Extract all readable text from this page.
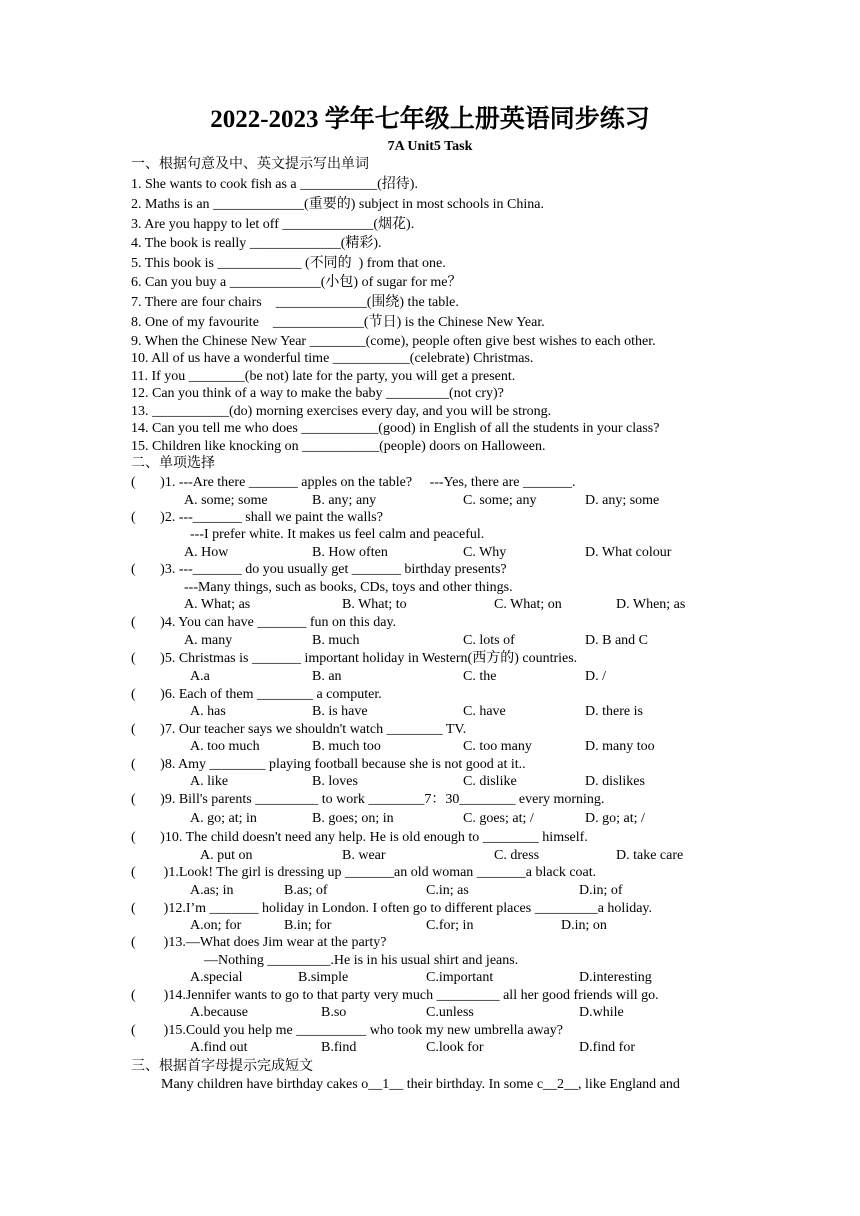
2022-2023 学年七年级上册英语同步练习
7A Unit5 Task
一、根据句意及中、英文提示写出单词
1. She wants to cook fish as a ___________(招待).
2. Maths is an _____________(重要的) subject in most schools in China.
3. Are you happy to let off _____________(烟花).
4. The book is really _____________(精彩).
5. This book is ____________ (不同的  ) from that one.
6. Can you buy a _____________(小包) of sugar for me？
7. There are four chairs    _____________(围绕) the table.
8. One of my favourite    _____________(节日) is the Chinese New Year.
9. When the Chinese New Year ________(come), people often give best wishes to each other.
10. All of us have a wonderful time ___________(celebrate) Christmas.
11. If you ________(be not) late for the party, you will get a present.
12. Can you think of a way to make the baby _________(not cry)?
13. ___________(do) morning exercises every day, and you will be strong.
14. Can you tell me who does ___________(good) in English of all the students in your class?
15. Children like knocking on ___________(people) doors on Halloween.
二、单项选择
(       )1. ---Are there _______ apples on the table?     ---Yes, there are _______.
A. some; some	B. any; any	C. some; any	D. any; some
(       )2. ---_______ shall we paint the walls?
---I prefer white. It makes us feel calm and peaceful.
A. How	B. How often	C. Why	D. What colour
(       )3. ---_______ do you usually get _______ birthday presents?
---Many things, such as books, CDs, toys and other things.
A. What; as	B. What; to	C. What; on	D. When; as
(       )4. You can have _______ fun on this day.
A. many	B. much	C. lots of	D. B and C
(       )5. Christmas is _______ important holiday in Western(西方的) countries.
A.a	B. an	C. the	D. /
(       )6. Each of them ________ a computer.
A. has	B. is have	C. have	D. there is
(       )7. Our teacher says we shouldn't watch ________ TV.
A. too much	B. much too	C. too many	D. many too
(       )8. Amy ________ playing football because she is not good at it..
A. like	B. loves	C. dislike	D. dislikes
(       )9. Bill's parents _________ to work ________7：30________ every morning.
A. go; at; in	B. goes; on; in	C. goes; at; /	D. go; at; /
(       )10. The child doesn't need any help. He is old enough to ________ himself.
A. put on	B. wear	C. dress	D. take care
(        )1.Look! The girl is dressing up _______an old woman _______a black coat.
A.as; in	B.as; of	C.in; as	D.in; of
(        )12.I’m _______ holiday in London. I often go to different places _________a holiday.
A.on; for	B.in; for	C.for; in	D.in; on
(        )13.—What does Jim wear at the party?
—Nothing _________.He is in his usual shirt and jeans.
A.special	B.simple	C.important	D.interesting
(        )14.Jennifer wants to go to that party very much _________ all her good friends will go.
A.because	B.so	C.unless	D.while
(        )15.Could you help me __________ who took my new umbrella away?
A.find out	B.find	C.look for	D.find for
三、根据首字母提示完成短文
Many children have birthday cakes o__1__ their birthday. In some c__2__, like England and
